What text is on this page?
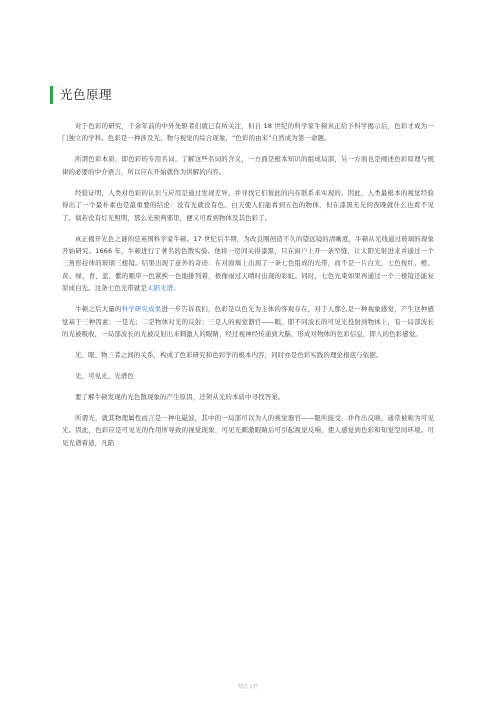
光色原理

对于色彩的研究，千余年前的中外先驱者们就已有所关注，但自 18 世纪的科学家牛顿真正给予科学揭示后，色彩才成为一门独立的学科。色彩是一种涉及光、物与视觉的综合现象，“色彩的由来”自然成为第一命题。

所谓色彩本质，即色彩的专用名词。了解这些名词的含义，一方面是根本知识的组成局部，另一方面也是阐述色彩原理与规律的必要的中介语言，所以应在开始就作为讲解的内容。

经验证明，人类对色彩的认识与应用是通过发现差异，并寻找它们彼此的内在联系来实现的。因此，人类最根本的视觉经验得出了一个最朴素也是最重要的结论：没有光就没有色。白天使人们能看到五色的物体，但在漆黑无光的夜晚就什么也看不见了。倘若没有灯光照明，那么光预判邪里，便又可看到物体及其色彩了。

真正揭开光色之谜的是英国科学家牛顿。17 世纪后半期，为改良刚创造不久的望远镜的清晰度，牛顿从光线通过玻璃的现象开始研究。1666 年，牛顿进行了著名的色散实验。他将一房间关得漆黑，只在窗户上开一条窄缝，让太阳光射进来并通过一个三角形挂体的玻璃三棱镜。结果出现了意外的奇迹：在对面墙上出现了一条七色组成的光带，而不是一片白光，七色按红、橙、黄、绿、青、蓝、紫的顺序一色紧挨一色地排列着，极像雨过天晴时出现的彩虹。同时，七色光束如果再通过一个三棱镜还能复原成白光。这条七色光带就是太阳光谱。

牛顿之后大量的科学研究成果进一步告诉我们，色彩是以色光为主体的客观存在，对于人那么是一种视象感觉，产生这种感觉基于三种因素：一是光；二是物体对光的反射；三是人的视觉器官——眼。即不同波长的可见光投射到物体上，有一局部波长的光被吸收，一局部波长的光被反射出来刺激人的眼睛，经过视神经传递到大脑，形成对物体的色彩信息，即人的色彩感觉。

光、眼、物三者之间的关系，构成了色彩研究和色彩学的根本内容，同时亦是色彩实践的理论根底与依据。

光、可见光、光谱色

要了解牛顿发现的光色散现象的产生原因，还须从光的本质中寻找答案。

所谓光，就其物理属性而言是一种电磁波，其中的一局部可以为人的视觉器官——眼所接受，并作出反映，通常被称为可见光。因此，色彩应是可见光的作用所导致的视觉现象，可见光刺激眼睛后可引起视觉反响，使人感觉到色彩和知觉空间环境。可见光谱着道，凡陷

精选文档
